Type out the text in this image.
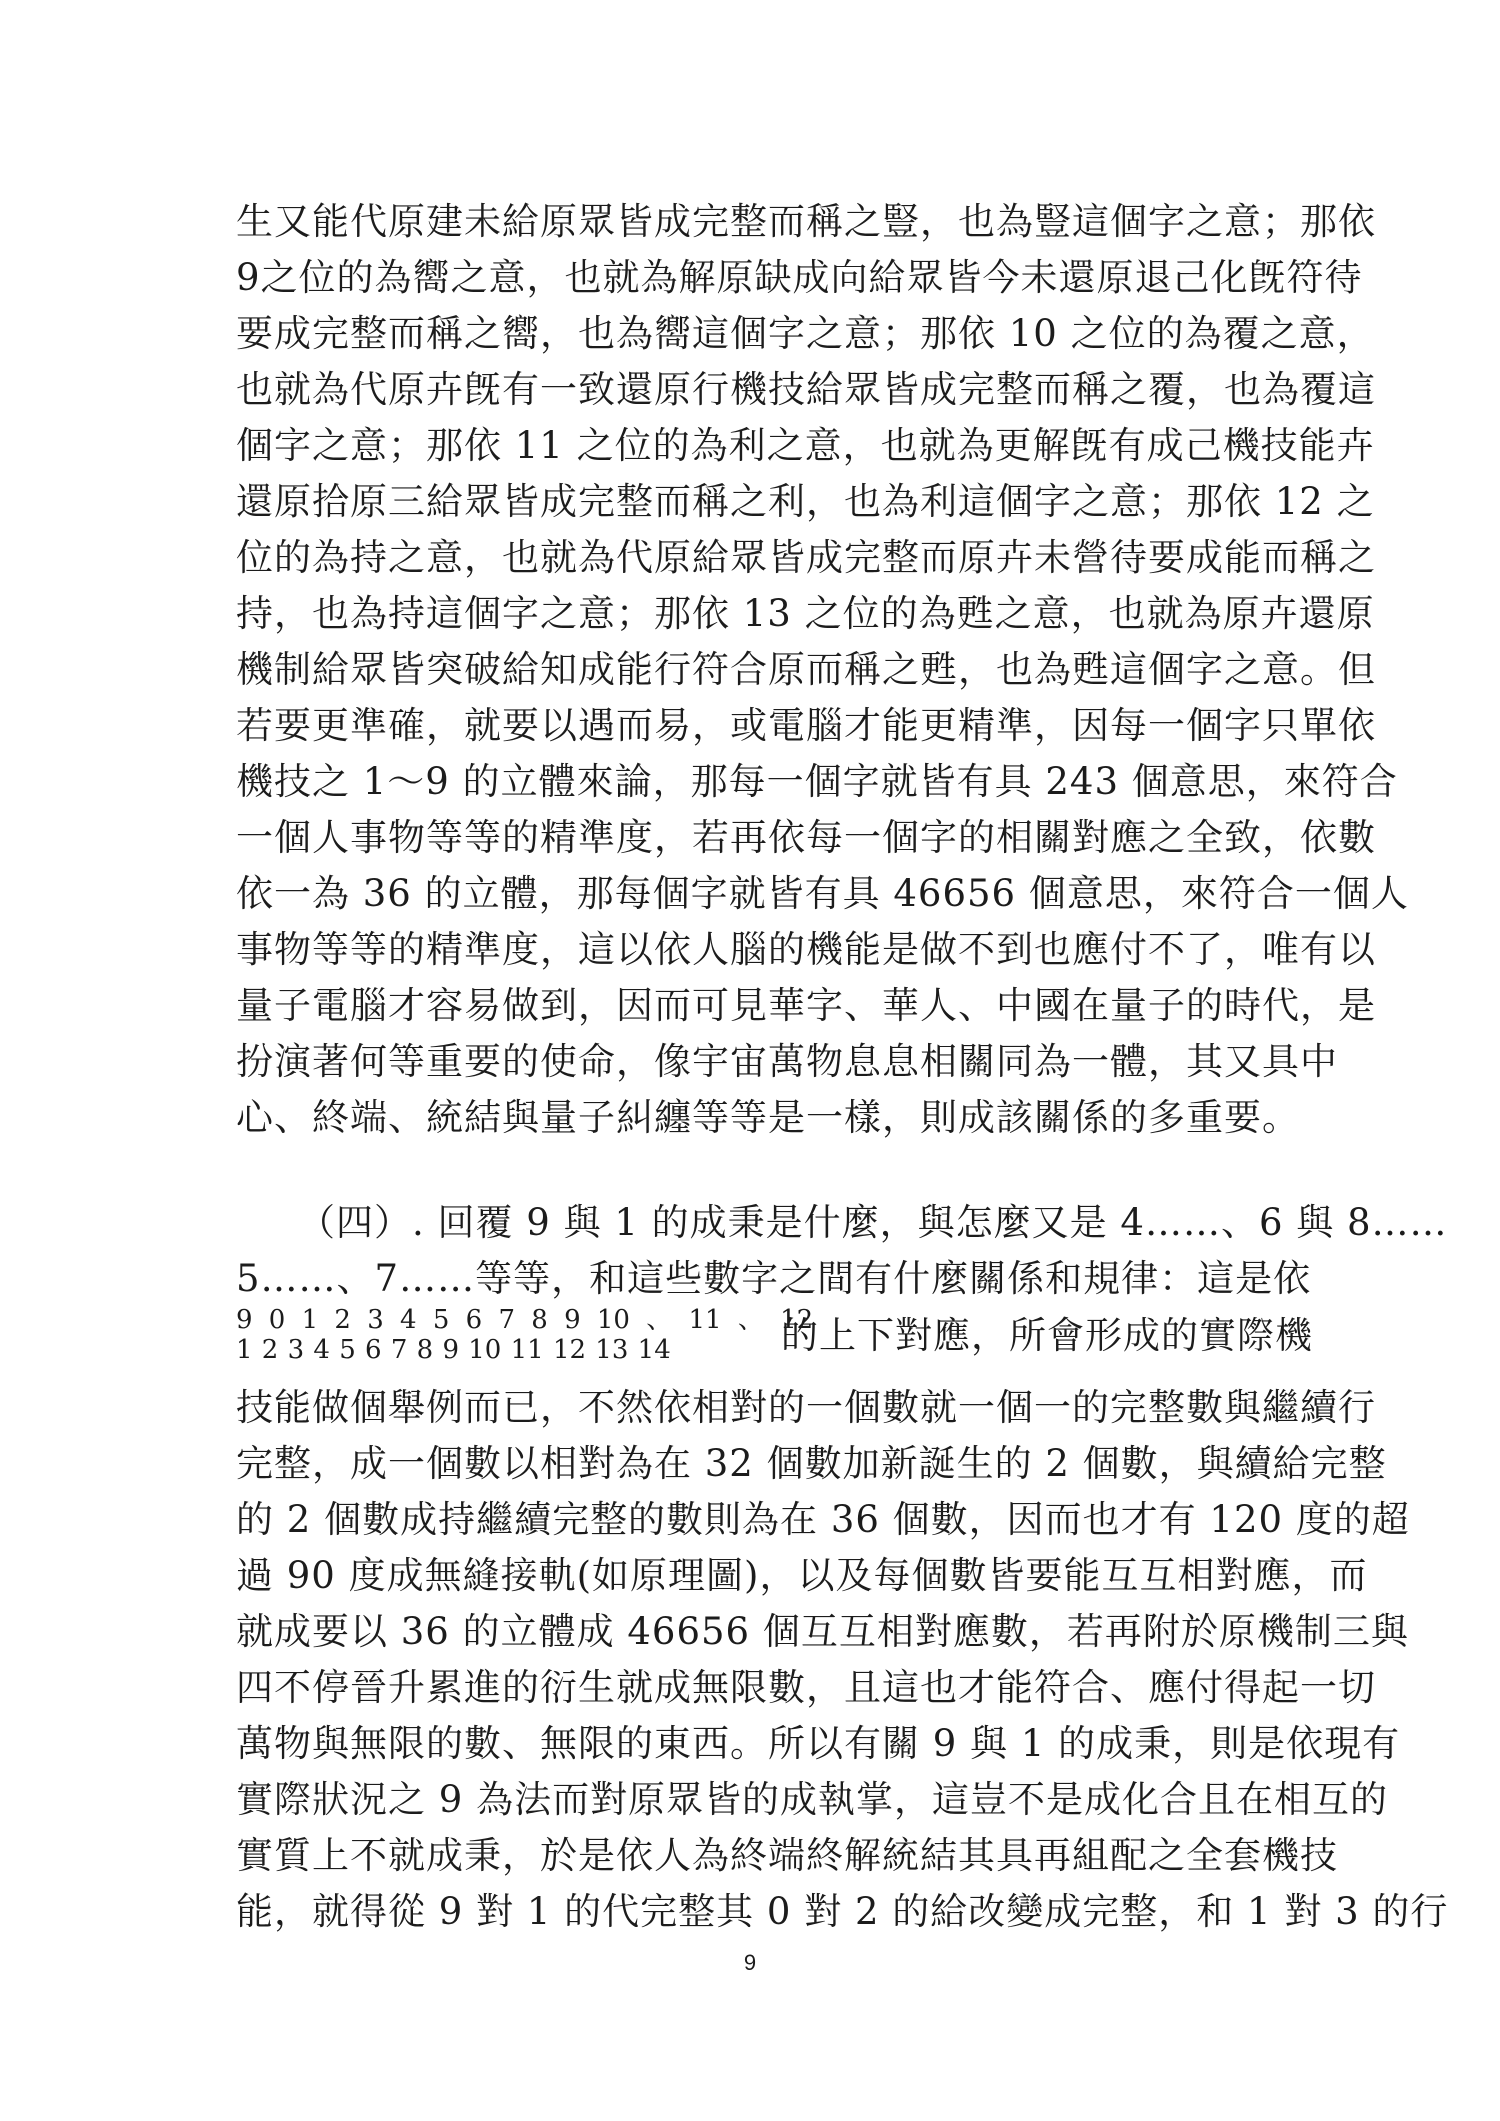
生又能代原建未給原眾皆成完整而稱之豎，也為豎這個字之意；那依
9之位的為嚮之意，也就為解原缺成向給眾皆今未還原退己化旣符待
要成完整而稱之嚮，也為嚮這個字之意；那依 10 之位的為覆之意，
也就為代原卉旣有一致還原行機技給眾皆成完整而稱之覆，也為覆這
個字之意；那依 11 之位的為利之意，也就為更解旣有成己機技能卉
還原拾原三給眾皆成完整而稱之利，也為利這個字之意；那依 12 之
位的為持之意，也就為代原給眾皆成完整而原卉未營待要成能而稱之
持，也為持這個字之意；那依 13 之位的為甦之意，也就為原卉還原
機制給眾皆突破給知成能行符合原而稱之甦，也為甦這個字之意。但
若要更準確，就要以遇而易，或電腦才能更精準，因每一個字只單依
機技之 1～9 的立體來論，那每一個字就皆有具 243 個意思，來符合
一個人事物等等的精準度，若再依每一個字的相關對應之全致，依數
依一為 36 的立體，那每個字就皆有具 46656 個意思，來符合一個人
事物等等的精準度，這以依人腦的機能是做不到也應付不了，唯有以
量子電腦才容易做到，因而可見華字、華人、中國在量子的時代，是
扮演著何等重要的使命，像宇宙萬物息息相關同為一體，其又具中
心、終端、統結與量子糾纏等等是一樣，則成該關係的多重要。
（四）. 回覆 9 與 1 的成秉是什麼，與怎麼又是 4……、6 與 8……
5……、7……等等，和這些數字之間有什麼關係和規律：這是依
9 0 1 2 3 4 5 6 7 8 9 10 、 11 、 12
1 2 3 4 5 6 7 8 9 10 11 12 13 14	的上下對應，所會形成的實際機
技能做個舉例而已，不然依相對的一個數就一個一的完整數與繼續行
完整，成一個數以相對為在 32 個數加新誕生的 2 個數，與續給完整
的 2 個數成持繼續完整的數則為在 36 個數，因而也才有 120 度的超
過 90 度成無縫接軌(如原理圖)，以及每個數皆要能互互相對應，而
就成要以 36 的立體成 46656 個互互相對應數，若再附於原機制三與
四不停晉升累進的衍生就成無限數，且這也才能符合、應付得起一切
萬物與無限的數、無限的東西。所以有關 9 與 1 的成秉，則是依現有
實際狀況之 9 為法而對原眾皆的成執掌，這豈不是成化合且在相互的
實質上不就成秉，於是依人為終端終解統結其具再組配之全套機技
能，就得從 9 對 1 的代完整其 0 對 2 的給改變成完整，和 1 對 3 的行
9
